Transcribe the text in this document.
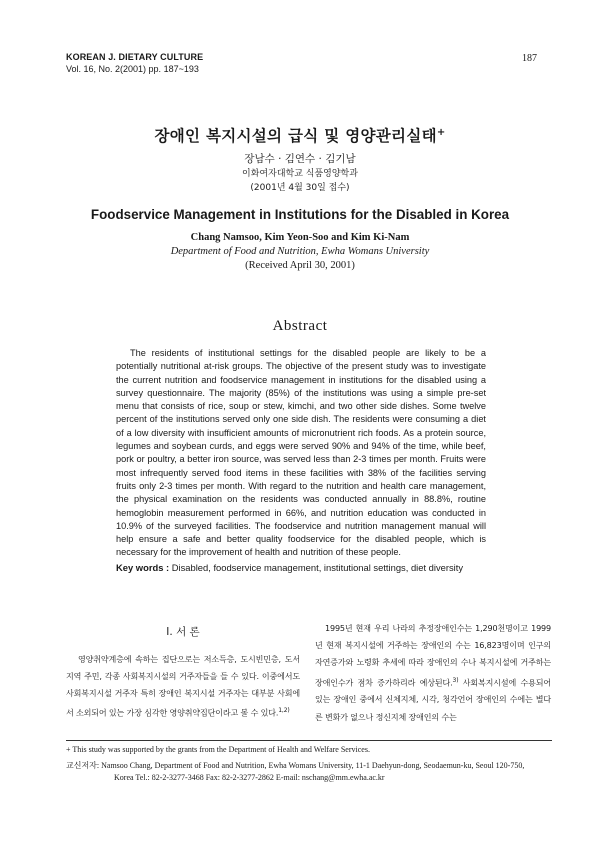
KOREAN J. DIETARY CULTURE
Vol. 16, No. 2(2001) pp. 187~193
187
장애인 복지시설의 급식 및 영양관리실태+
장남수 · 김연수 · 김기남
이화여자대학교 식품영양학과
(2001년 4월 30일 접수)
Foodservice Management in Institutions for the Disabled in Korea
Chang Namsoo, Kim Yeon-Soo and Kim Ki-Nam
Department of Food and Nutrition, Ewha Womans University
(Received April 30, 2001)
Abstract
The residents of institutional settings for the disabled people are likely to be a potentially nutritional at-risk groups. The objective of the present study was to investigate the current nutrition and foodservice management in institutions for the disabled using a survey questionnaire. The majority (85%) of the institutions was using a simple pre-set menu that consists of rice, soup or stew, kimchi, and two other side dishes. Some twelve percent of the institutions served only one side dish. The residents were consuming a diet of a low diversity with insufficient amounts of micronutrient rich foods. As a protein source, legumes and soybean curds, and eggs were served 90% and 94% of the time, while beef, pork or poultry, a better iron source, was served less than 2-3 times per month. Fruits were most infrequently served food items in these facilities with 38% of the facilities serving fruits only 2-3 times per month. With regard to the nutrition and health care management, the physical examination on the residents was conducted annually in 88.8%, routine hemoglobin measurement performed in 66%, and nutrition education was conducted in 10.9% of the surveyed facilities. The foodservice and nutrition management manual will help ensure a safe and better quality foodservice for the disabled people, which is necessary for the improvement of health and nutrition of these people.
Key words : Disabled, foodservice management, institutional settings, diet diversity
I. 서 론
영양취약계층에 속하는 집단으로는 저소득층, 도시빈민층, 도서지역 주민, 각종 사회복지시설의 거주자들을 들 수 있다. 이중에서도 사회복지시설 거주자 특히 장애인 복지시설 거주자는 대부분 사회에서 소외되어 있는 가장 심각한 영양취약집단이라고 볼 수 있다.$^{1,2)}$
1995년 현재 우리 나라의 추정장애인수는 1,290천명이고 1999년 현재 복지시설에 거주하는 장애인의 수는 16,823명이며 인구의 자연증가와 노령화 추세에 따라 장애인의 수나 복지시설에 거주하는 장애인수가 점차 증가하리라 예상된다.$^{3)}$ 사회복지시설에 수용되어 있는 장애인 중에서 신체지체, 시각, 청각언어 장애인의 수에는 별다른 변화가 없으나 정신지체 장애인의 수는
+ This study was supported by the grants from the Department of Health and Welfare Services.
교신저자: Namsoo Chang, Department of Food and Nutrition, Ewha Womans University, 11-1 Daehyun-dong, Seodaemun-ku, Seoul 120-750,
Korea Tel.: 82-2-3277-3468 Fax: 82-2-3277-2862 E-mail: nschang@mm.ewha.ac.kr
